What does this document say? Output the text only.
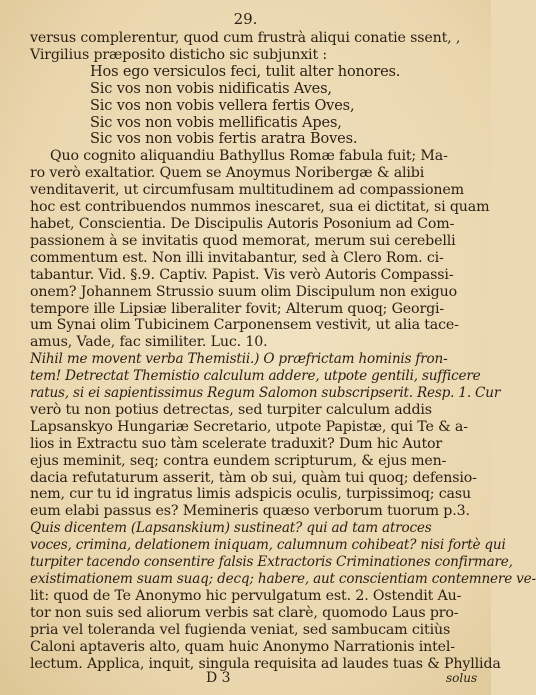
29.
versus complerentur, quod cum frustrà aliqui conatie ssent, ,
Virgilius præposito disticho sic subjunxit :
Hos ego versiculos feci, tulit alter honores.
Sic vos non vobis nidificatis Aves,
Sic vos non vobis vellera fertis Oves,
Sic vos non vobis mellificatis Apes,
Sic vos non vobis fertis aratra Boves.
Quo cognito aliquandiu Bathyllus Romæ fabula fuit; Ma-
ro verò exaltatior. Quem se Anoymus Noribergæ & alibi
venditaverit, ut circumfusam multitudinem ad compassionem
hoc est contribuendos nummos inescaret, sua ei dictitat, si quam
habet, Conscientia. De Discipulis Autoris Posonium ad Com-
passionem à se invitatis quod memorat, merum sui cerebelli
commentum est. Non illi invitabantur, sed à Clero Rom. ci-
tabantur. Vid. §.9. Captiv. Papist. Vis verò Autoris Compassi-
onem? Johannem Strussio suum olim Discipulum non exiguo
tempore ille Lipsiæ liberaliter fovit; Alterum quoq; Georgi-
um Synai olim Tubicinem Carponensem vestivit, ut alia tace-
amus, Vade, fac similiter. Luc. 10.
Nihil me movent verba Themistii.) O præfrictam hominis fron-
tem! Detrectat Themistio calculum addere, utpote gentili, sufficere
ratus, si ei sapientissimus Regum Salomon subscripserit. Resp. 1. Cur
verò tu non potius detrectas, sed turpiter calculum addis
Lapsanskyo Hungariæ Secretario, utpote Papistæ, qui Te & a-
lios in Extractu suo tàm scelerate traduxit? Dum hic Autor
ejus meminit, seq; contra eundem scripturum, & ejus men-
dacia refutaturum asserit, tàm ob sui, quàm tui quoq; defensio-
nem, cur tu id ingratus limis adspicis oculis, turpissimoq; casu
eum elabi passus es? Memineris quæso verborum tuorum p.3.
Quis dicentem (Lapsanskium) sustineat? qui ad tam atroces
voces, crimina, delationem iniquam, calumnum cohibeat? nisi fortè qui
turpiter tacendo consentire falsis Extractoris Criminationes confirmare,
existimationem suam suaq; decq; habere, aut conscientiam contemnere ve-
lit: quod de Te Anonymo hic pervulgatum est. 2. Ostendit Au-
tor non suis sed aliorum verbis sat clarè, quomodo Laus pro-
pria vel toleranda vel fugienda veniat, sed sambucam citiùs
Caloni aptaveris alto, quam huic Anonymo Narrationis intel-
lectum. Applica, inquit, singula requisita ad laudes tuas & Phyllida
D 3	solus
